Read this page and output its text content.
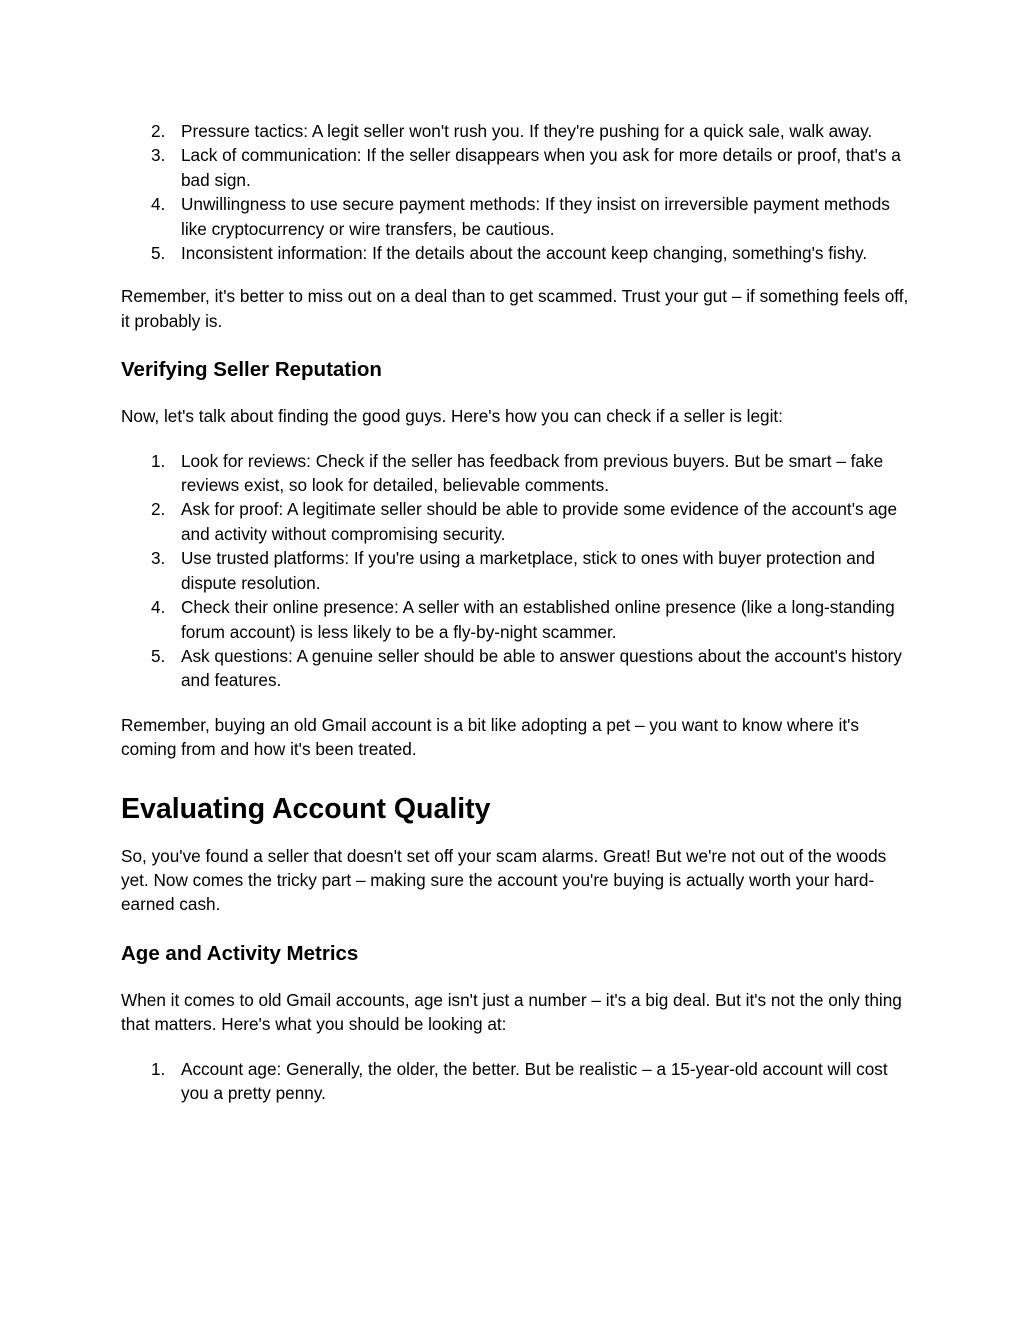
2. Pressure tactics: A legit seller won't rush you. If they're pushing for a quick sale, walk away.
3. Lack of communication: If the seller disappears when you ask for more details or proof, that's a bad sign.
4. Unwillingness to use secure payment methods: If they insist on irreversible payment methods like cryptocurrency or wire transfers, be cautious.
5. Inconsistent information: If the details about the account keep changing, something's fishy.

Remember, it's better to miss out on a deal than to get scammed. Trust your gut – if something feels off, it probably is.

Verifying Seller Reputation

Now, let's talk about finding the good guys. Here's how you can check if a seller is legit:

1. Look for reviews: Check if the seller has feedback from previous buyers. But be smart – fake reviews exist, so look for detailed, believable comments.
2. Ask for proof: A legitimate seller should be able to provide some evidence of the account's age and activity without compromising security.
3. Use trusted platforms: If you're using a marketplace, stick to ones with buyer protection and dispute resolution.
4. Check their online presence: A seller with an established online presence (like a long-standing forum account) is less likely to be a fly-by-night scammer.
5. Ask questions: A genuine seller should be able to answer questions about the account's history and features.

Remember, buying an old Gmail account is a bit like adopting a pet – you want to know where it's coming from and how it's been treated.

Evaluating Account Quality

So, you've found a seller that doesn't set off your scam alarms. Great! But we're not out of the woods yet. Now comes the tricky part – making sure the account you're buying is actually worth your hard-earned cash.

Age and Activity Metrics

When it comes to old Gmail accounts, age isn't just a number – it's a big deal. But it's not the only thing that matters. Here's what you should be looking at:

1. Account age: Generally, the older, the better. But be realistic – a 15-year-old account will cost you a pretty penny.
